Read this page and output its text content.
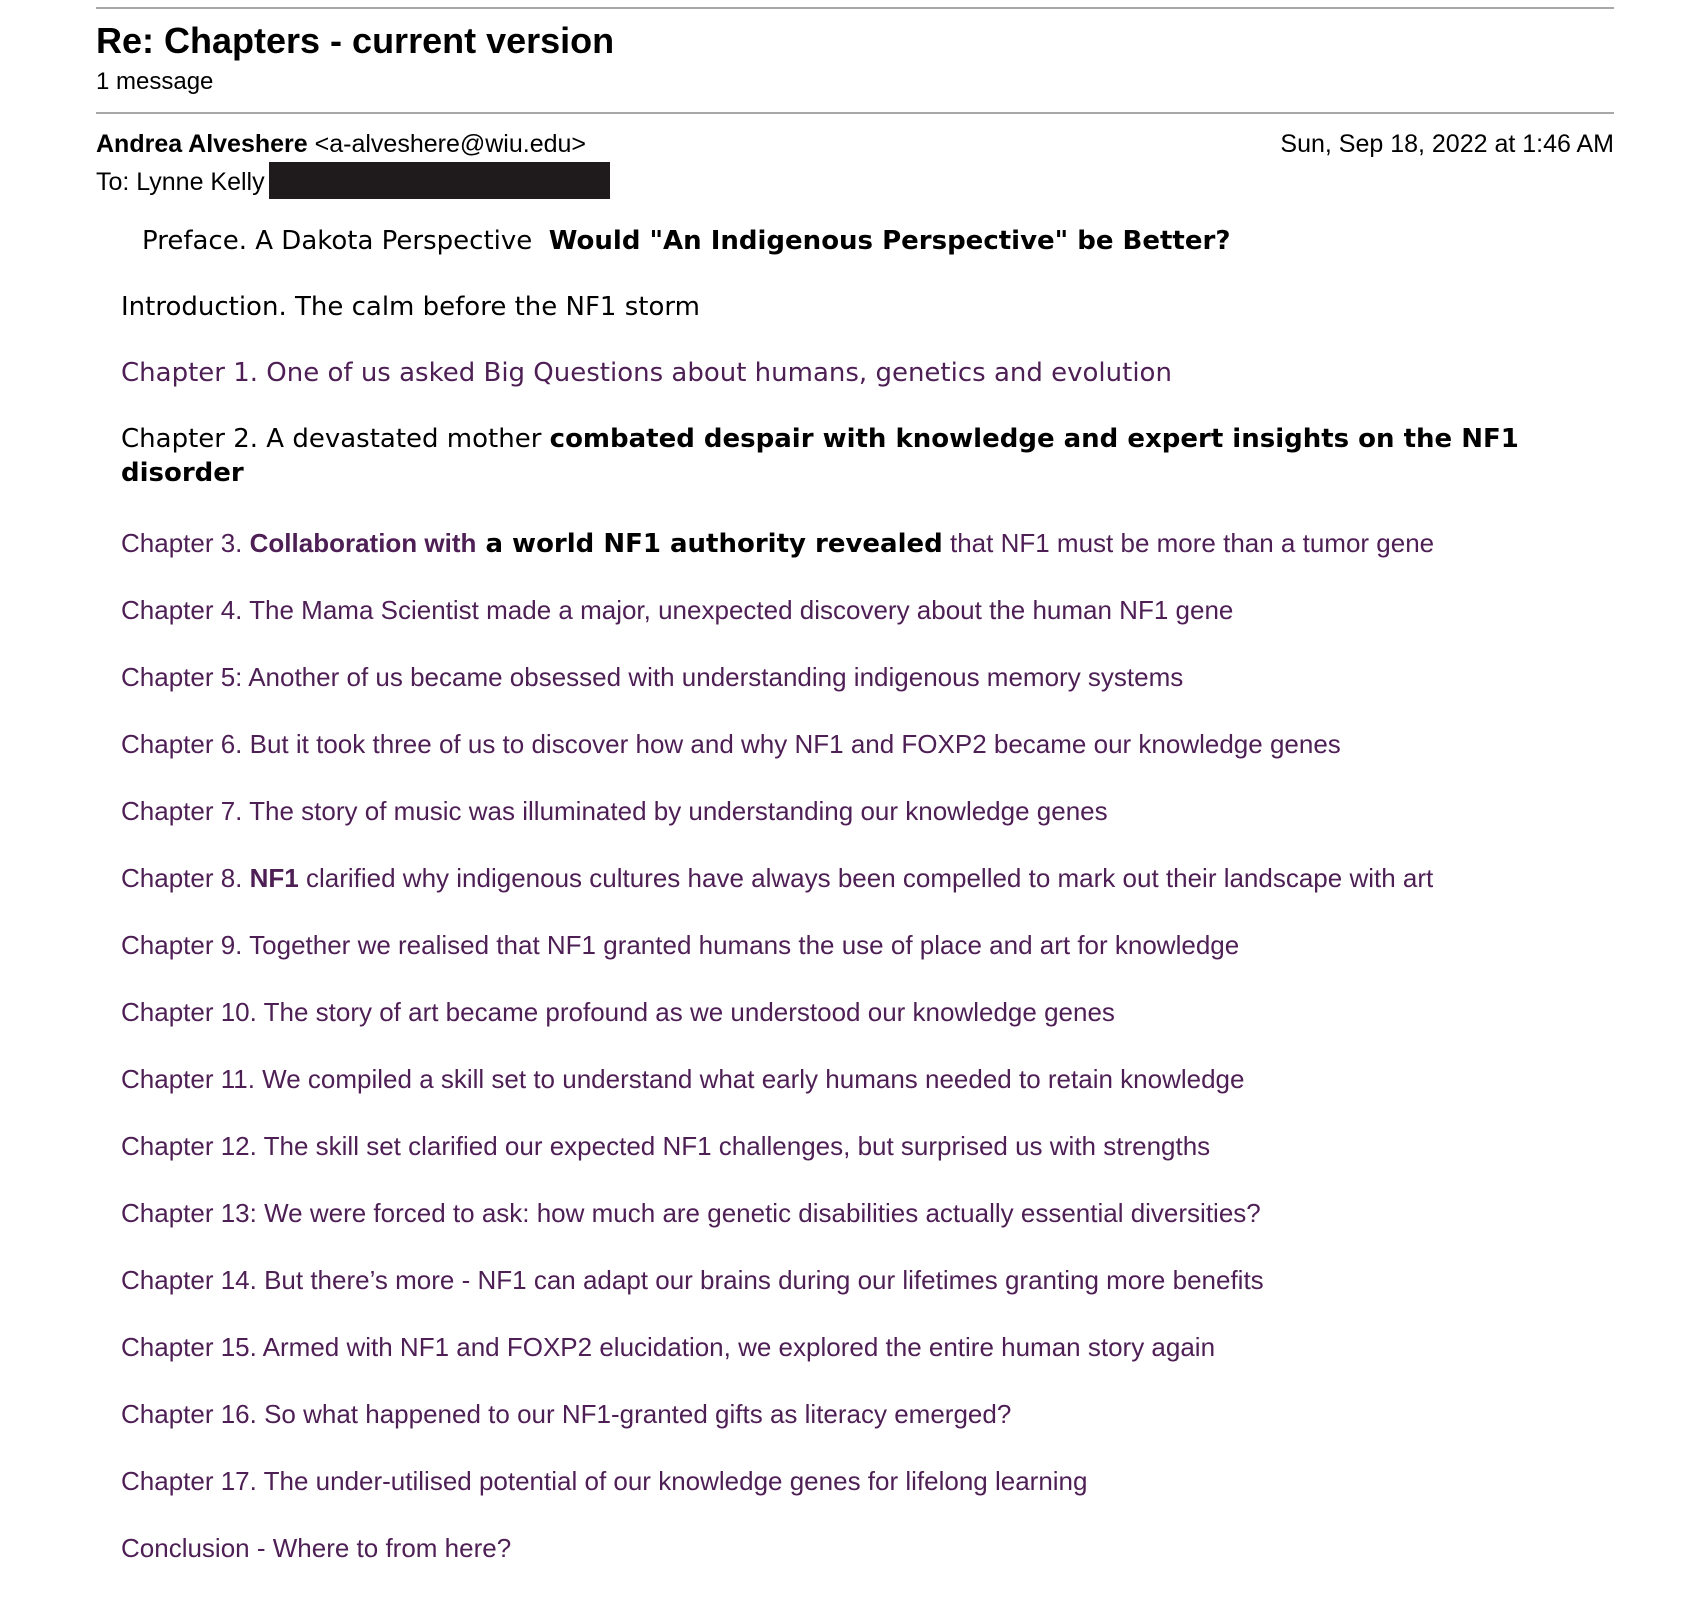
Re: Chapters - current version
1 message
Andrea Alveshere <a-alveshere@wiu.edu>	Sun, Sep 18, 2022 at 1:46 AM
To: Lynne Kelly
Preface. A Dakota Perspective Would "An Indigenous Perspective" be Better?
Introduction. The calm before the NF1 storm
Chapter 1. One of us asked Big Questions about humans, genetics and evolution
Chapter 2. A devastated mother combated despair with knowledge and expert insights on the NF1 disorder
Chapter 3. Collaboration with a world NF1 authority revealed that NF1 must be more than a tumor gene
Chapter 4. The Mama Scientist made a major, unexpected discovery about the human NF1 gene
Chapter 5: Another of us became obsessed with understanding indigenous memory systems
Chapter 6. But it took three of us to discover how and why NF1 and FOXP2 became our knowledge genes
Chapter 7. The story of music was illuminated by understanding our knowledge genes
Chapter 8. NF1 clarified why indigenous cultures have always been compelled to mark out their landscape with art
Chapter 9. Together we realised that NF1 granted humans the use of place and art for knowledge
Chapter 10. The story of art became profound as we understood our knowledge genes
Chapter 11. We compiled a skill set to understand what early humans needed to retain knowledge
Chapter 12. The skill set clarified our expected NF1 challenges, but surprised us with strengths
Chapter 13: We were forced to ask: how much are genetic disabilities actually essential diversities?
Chapter 14. But there’s more - NF1 can adapt our brains during our lifetimes granting more benefits
Chapter 15. Armed with NF1 and FOXP2 elucidation, we explored the entire human story again
Chapter 16. So what happened to our NF1-granted gifts as literacy emerged?
Chapter 17. The under-utilised potential of our knowledge genes for lifelong learning
Conclusion - Where to from here?
